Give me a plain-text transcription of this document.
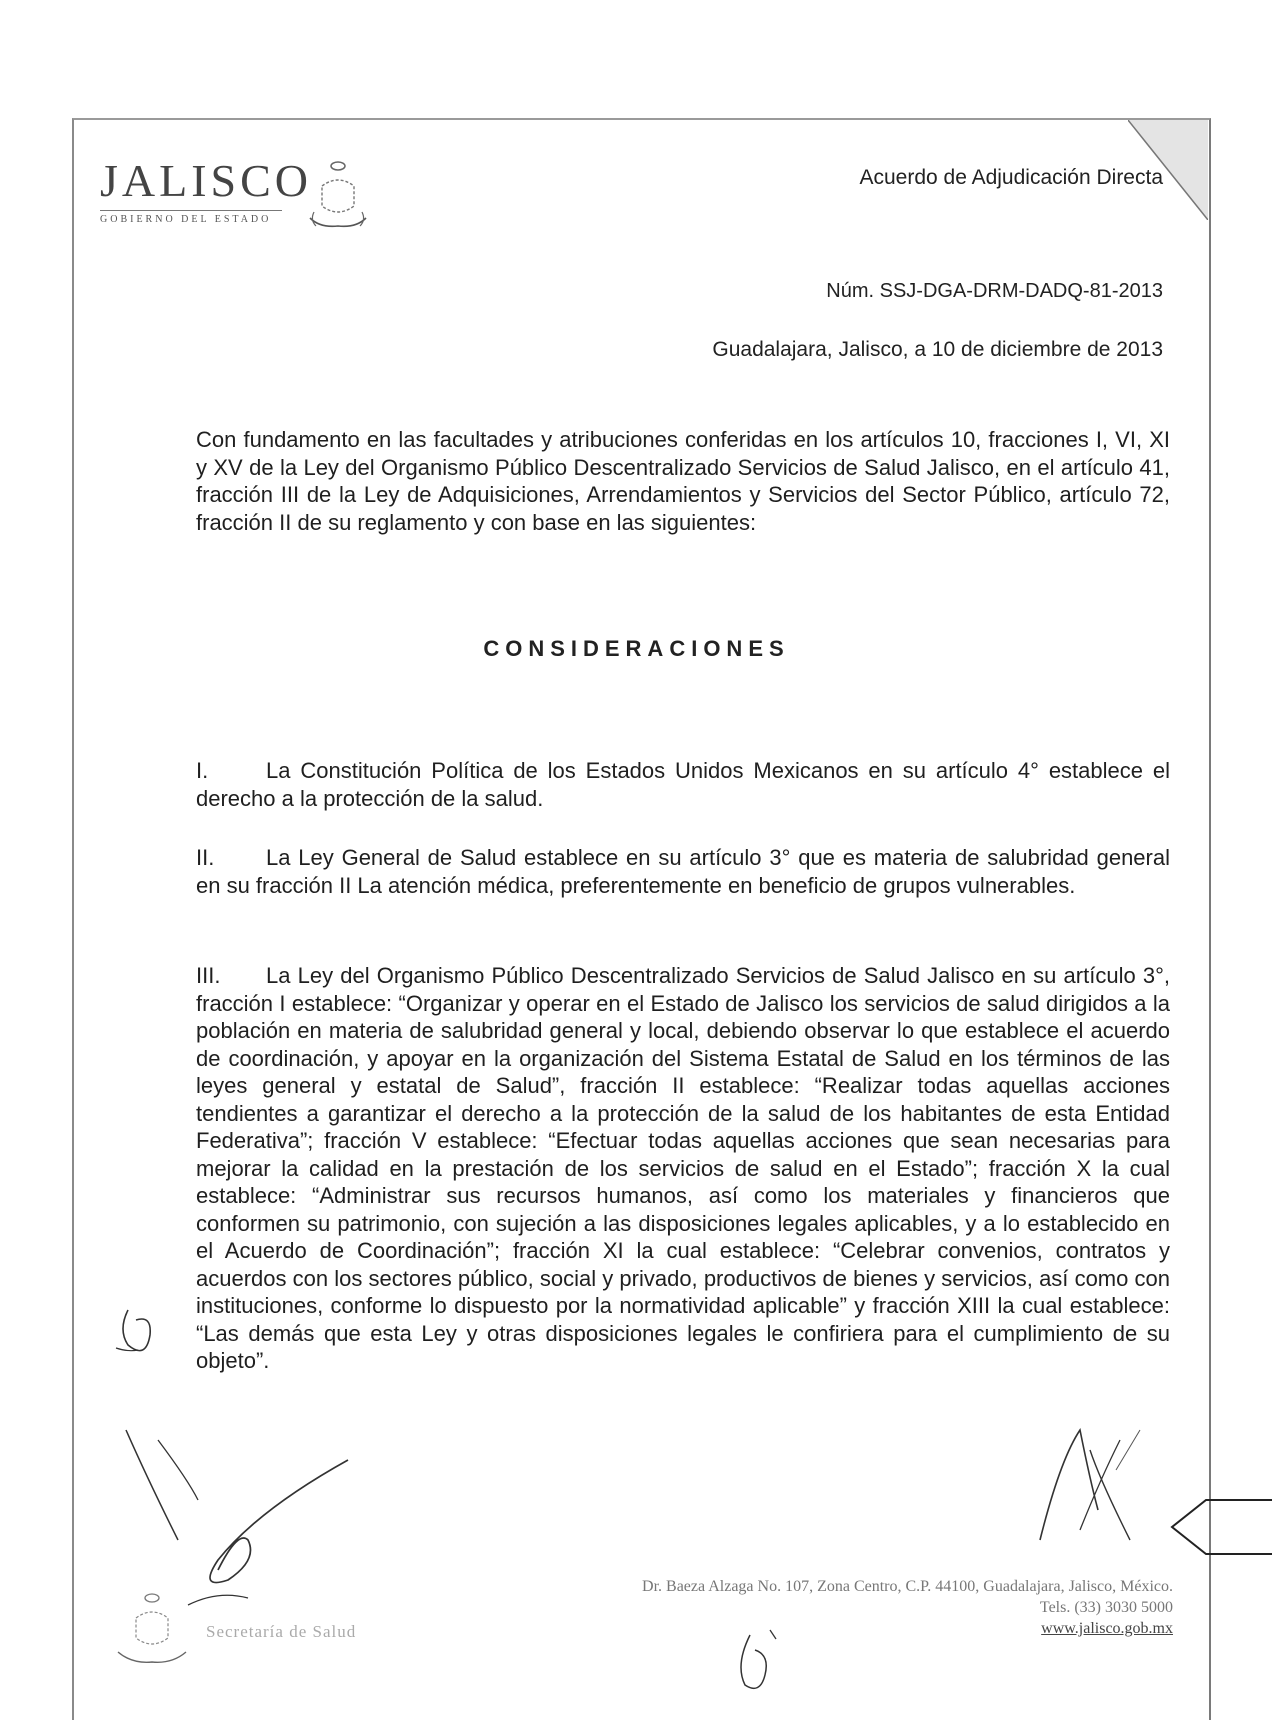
JALISCO
GOBIERNO DEL ESTADO
Acuerdo de Adjudicación Directa
Núm. SSJ-DGA-DRM-DADQ-81-2013
Guadalajara, Jalisco, a 10 de diciembre de 2013
Con fundamento en las facultades y atribuciones conferidas en los artículos 10, fracciones I, VI, XI y XV de la Ley del Organismo Público Descentralizado Servicios de Salud Jalisco, en el artículo 41, fracción III de la Ley de Adquisiciones, Arrendamientos y Servicios del Sector Público, artículo 72, fracción II de su reglamento y con base en las siguientes:
CONSIDERACIONES
I.	La Constitución Política de los Estados Unidos Mexicanos en su artículo 4° establece el derecho a la protección de la salud.
II. La Ley General de Salud establece en su artículo 3° que es materia de salubridad general en su fracción II La atención médica, preferentemente en beneficio de grupos vulnerables.
III. La Ley del Organismo Público Descentralizado Servicios de Salud Jalisco en su artículo 3°, fracción I establece: “Organizar y operar en el Estado de Jalisco los servicios de salud dirigidos a la población en materia de salubridad general y local, debiendo observar lo que establece el acuerdo de coordinación, y apoyar en la organización del Sistema Estatal de Salud en los términos de las leyes general y estatal de Salud”, fracción II establece: “Realizar todas aquellas acciones tendientes a garantizar el derecho a la protección de la salud de los habitantes de esta Entidad Federativa”; fracción V establece: “Efectuar todas aquellas acciones que sean necesarias para mejorar la calidad en la prestación de los servicios de salud en el Estado”; fracción X la cual establece: “Administrar sus recursos humanos, así como los materiales y financieros que conformen su patrimonio, con sujeción a las disposiciones legales aplicables, y a lo establecido en el Acuerdo de Coordinación”; fracción XI la cual establece: “Celebrar convenios, contratos y acuerdos con los sectores público, social y privado, productivos de bienes y servicios, así como con instituciones, conforme lo dispuesto por la normatividad aplicable” y fracción XIII la cual establece: “Las demás que esta Ley y otras disposiciones legales le confiriera para el cumplimiento de su objeto”.
Secretaría de Salud
Dr. Baeza Alzaga No. 107, Zona Centro, C.P. 44100, Guadalajara, Jalisco, México.
Tels. (33) 3030 5000
www.jalisco.gob.mx
